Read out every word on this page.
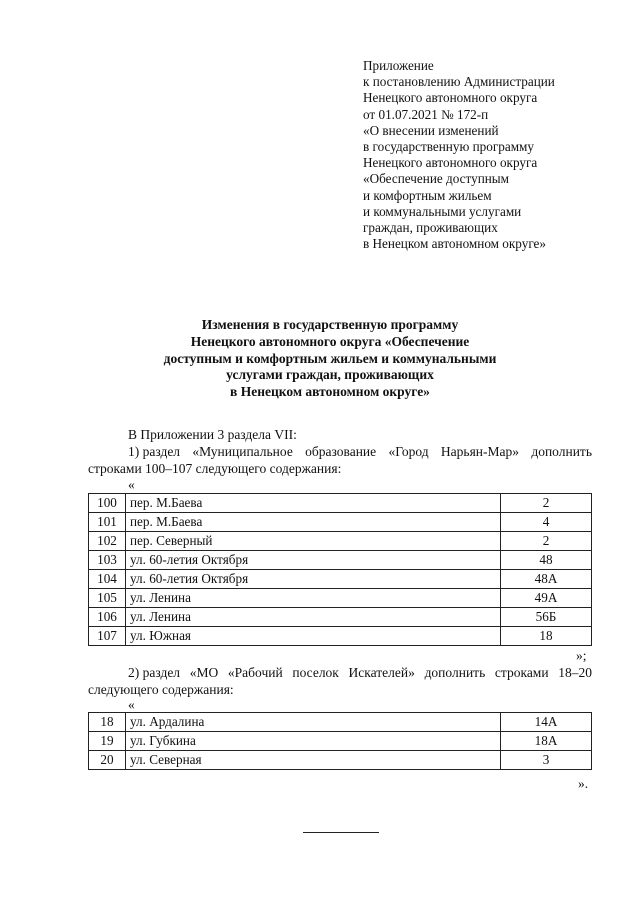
Приложение
к постановлению Администрации
Ненецкого автономного округа
от 01.07.2021 № 172-п
«О внесении изменений
в государственную программу
Ненецкого автономного округа
«Обеспечение доступным
и комфортным жильем
и коммунальными услугами
граждан, проживающих
в Ненецком автономном округе»
Изменения в государственную программу
Ненецкого автономного округа «Обеспечение
доступным и комфортным жильем и коммунальными
услугами граждан, проживающих
в Ненецком автономном округе»
В Приложении 3 раздела VII:
1) раздел «Муниципальное образование «Город Нарьян-Мар» дополнить
строками 100–107 следующего содержания:
«
100	пер. М.Баева	2
101	пер. М.Баева	4
102	пер. Северный	2
103	ул. 60-летия Октября	48
104	ул. 60-летия Октября	48А
105	ул. Ленина	49А
106	ул. Ленина	56Б
107	ул. Южная	18
»;
2) раздел «МО «Рабочий поселок Искателей» дополнить строками 18–20
следующего содержания:
«
18	ул. Ардалина	14А
19	ул. Губкина	18А
20	ул. Северная	3
».
